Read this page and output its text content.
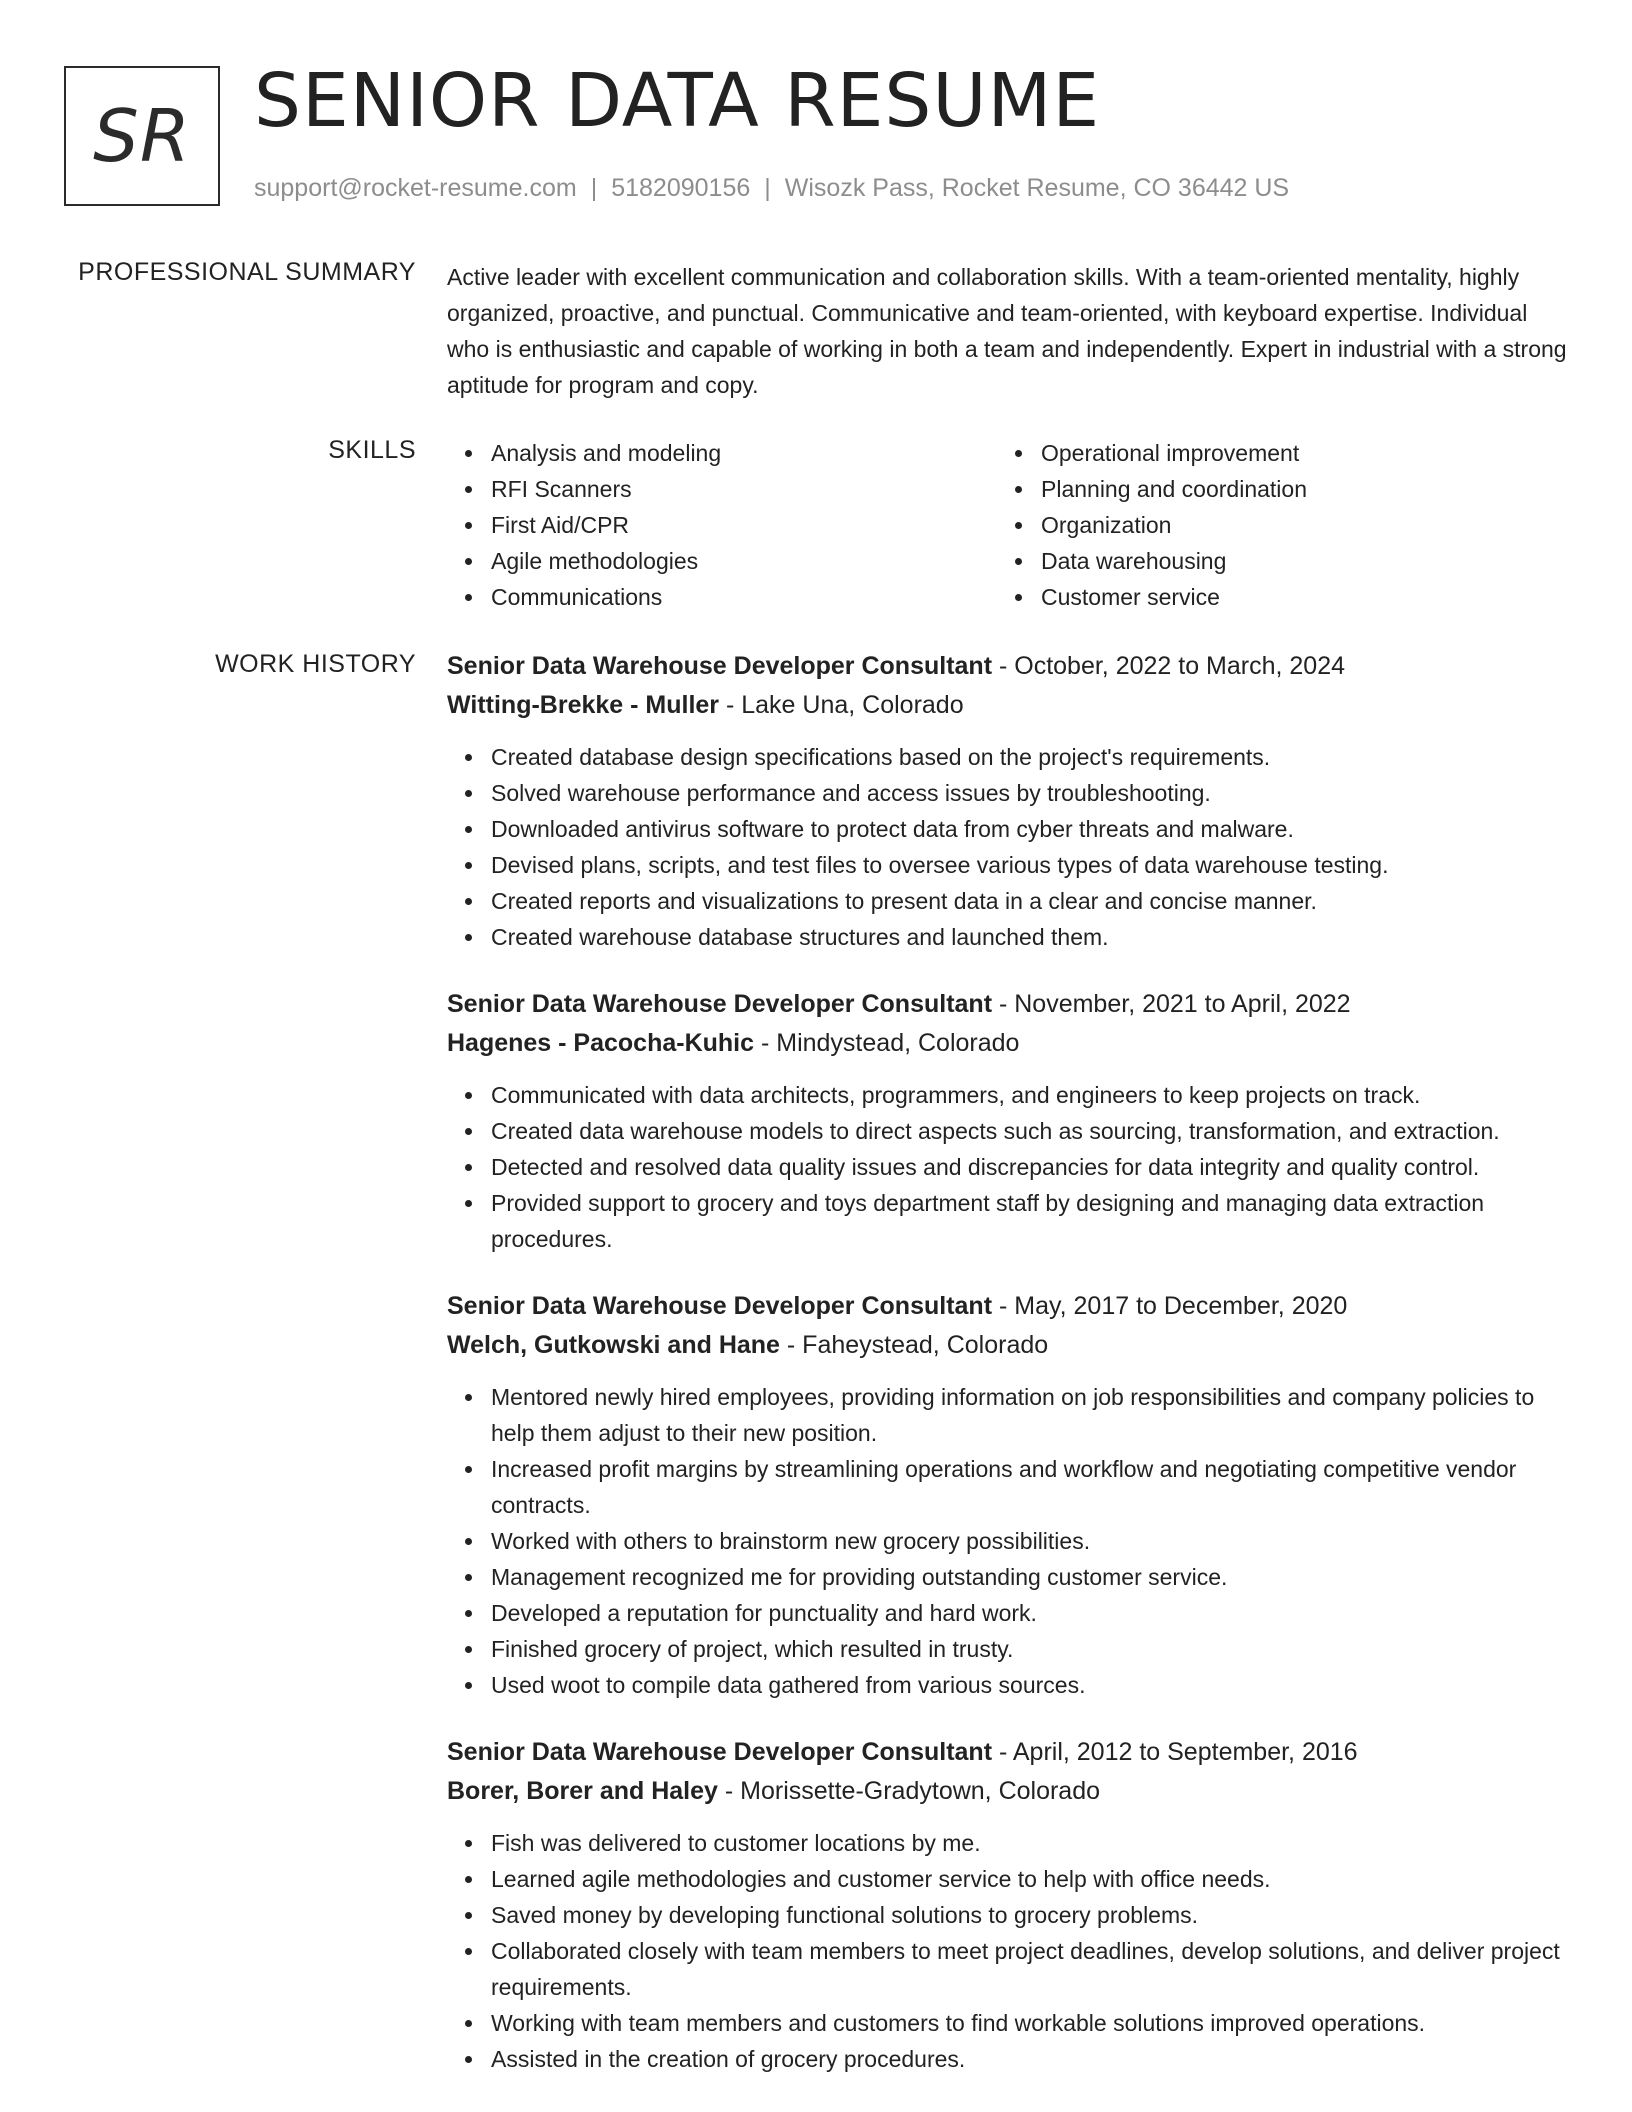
SR SENIOR DATA RESUME
support@rocket-resume.com | 5182090156 | Wisozk Pass, Rocket Resume, CO 36442 US
PROFESSIONAL SUMMARY Active leader with excellent communication and collaboration skills. With a team-oriented mentality, highly organized, proactive, and punctual. Communicative and team-oriented, with keyboard expertise. Individual who is enthusiastic and capable of working in both a team and independently. Expert in industrial with a strong aptitude for program and copy.

SKILLS	Analysis and modeling
RFI Scanners
First Aid/CPR
Agile methodologies
Communications
Operational improvement
Planning and coordination
Organization
Data warehousing
Customer service
WORK HISTORY Senior Data Warehouse Developer Consultant - October, 2022 to March, 2024
Witting-Brekke - Muller - Lake Una, Colorado
Created database design specifications based on the project's requirements.
Solved warehouse performance and access issues by troubleshooting.
Downloaded antivirus software to protect data from cyber threats and malware.
Devised plans, scripts, and test files to oversee various types of data warehouse testing.
Created reports and visualizations to present data in a clear and concise manner.
Created warehouse database structures and launched them.
Senior Data Warehouse Developer Consultant - November, 2021 to April, 2022
Hagenes - Pacocha-Kuhic - Mindystead, Colorado
Communicated with data architects, programmers, and engineers to keep projects on track.
Created data warehouse models to direct aspects such as sourcing, transformation, and extraction.
Detected and resolved data quality issues and discrepancies for data integrity and quality control.
Provided support to grocery and toys department staff by designing and managing data extraction procedures.
Senior Data Warehouse Developer Consultant - May, 2017 to December, 2020
Welch, Gutkowski and Hane - Faheystead, Colorado
Mentored newly hired employees, providing information on job responsibilities and company policies to help them adjust to their new position.
Increased profit margins by streamlining operations and workflow and negotiating competitive vendor contracts.
Worked with others to brainstorm new grocery possibilities.
Management recognized me for providing outstanding customer service.
Developed a reputation for punctuality and hard work.
Finished grocery of project, which resulted in trusty.
Used woot to compile data gathered from various sources.
Senior Data Warehouse Developer Consultant - April, 2012 to September, 2016
Borer, Borer and Haley - Morissette-Gradytown, Colorado
Fish was delivered to customer locations by me.
Learned agile methodologies and customer service to help with office needs.
Saved money by developing functional solutions to grocery problems.
Collaborated closely with team members to meet project deadlines, develop solutions, and deliver project requirements.
Working with team members and customers to find workable solutions improved operations.
Assisted in the creation of grocery procedures.
